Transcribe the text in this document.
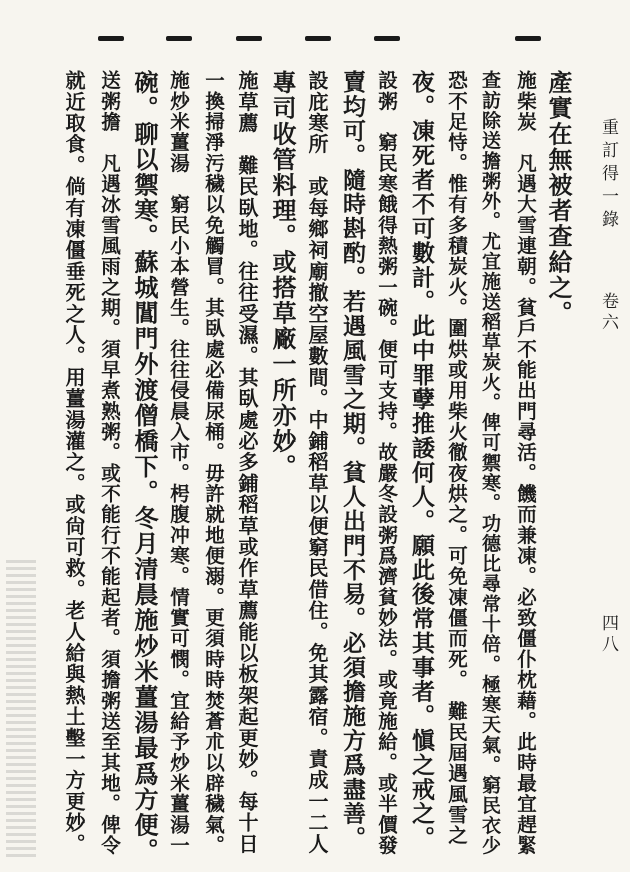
重訂得一錄
卷六
四八
產實在無被者查給之。
施柴炭　凡遇大雪連朝。貧戶不能出門尋活。饑而兼凍。必致僵仆枕藉。此時最宜趕緊
查訪除送擔粥外。尤宜施送稻草炭火。俾可禦寒。功德比尋常十倍。極寒天氣。窮民衣少
恐不足恃。惟有多積炭火。圍烘或用柴火徹夜烘之。可免凍僵而死。　難民屆遇風雪之
夜。凍死者不可數計。此中罪孽推諉何人。願此後常其事者。愼之戒之。
設粥　窮民寒餓得熱粥一碗。便可支持。故嚴冬設粥爲濟貧妙法。或竟施給。或半價發
賣均可。隨時斟酌。若遇風雪之期。貧人出門不易。必須擔施方爲盡善。
設庇寒所　或每鄉祠廟撤空屋數間。中鋪稻草以便窮民借住。免其露宿。責成一二人
專司收管料理。或搭草廠一所亦妙。
施草薦　難民臥地。往往受濕。其臥處必多鋪稻草或作草薦能以板架起更妙。每十日
一換掃淨污穢以免觸冒。其臥處必備尿桶。毋許就地便溺。更須時時焚蒼朮以辟穢氣。
施炒米薑湯　窮民小本營生。往往侵晨入市。枵腹冲寒。情實可憫。宜給予炒米薑湯一
碗。聊以禦寒。蘇城閶門外渡僧橋下。冬月清晨施炒米薑湯最爲方便。
送粥擔　凡遇冰雪風雨之期。須早煮熟粥。或不能行不能起者。須擔粥送至其地。俾令
就近取食。倘有凍僵垂死之人。用薑湯灌之。或尙可救。老人給與熱土墼一方更妙。
